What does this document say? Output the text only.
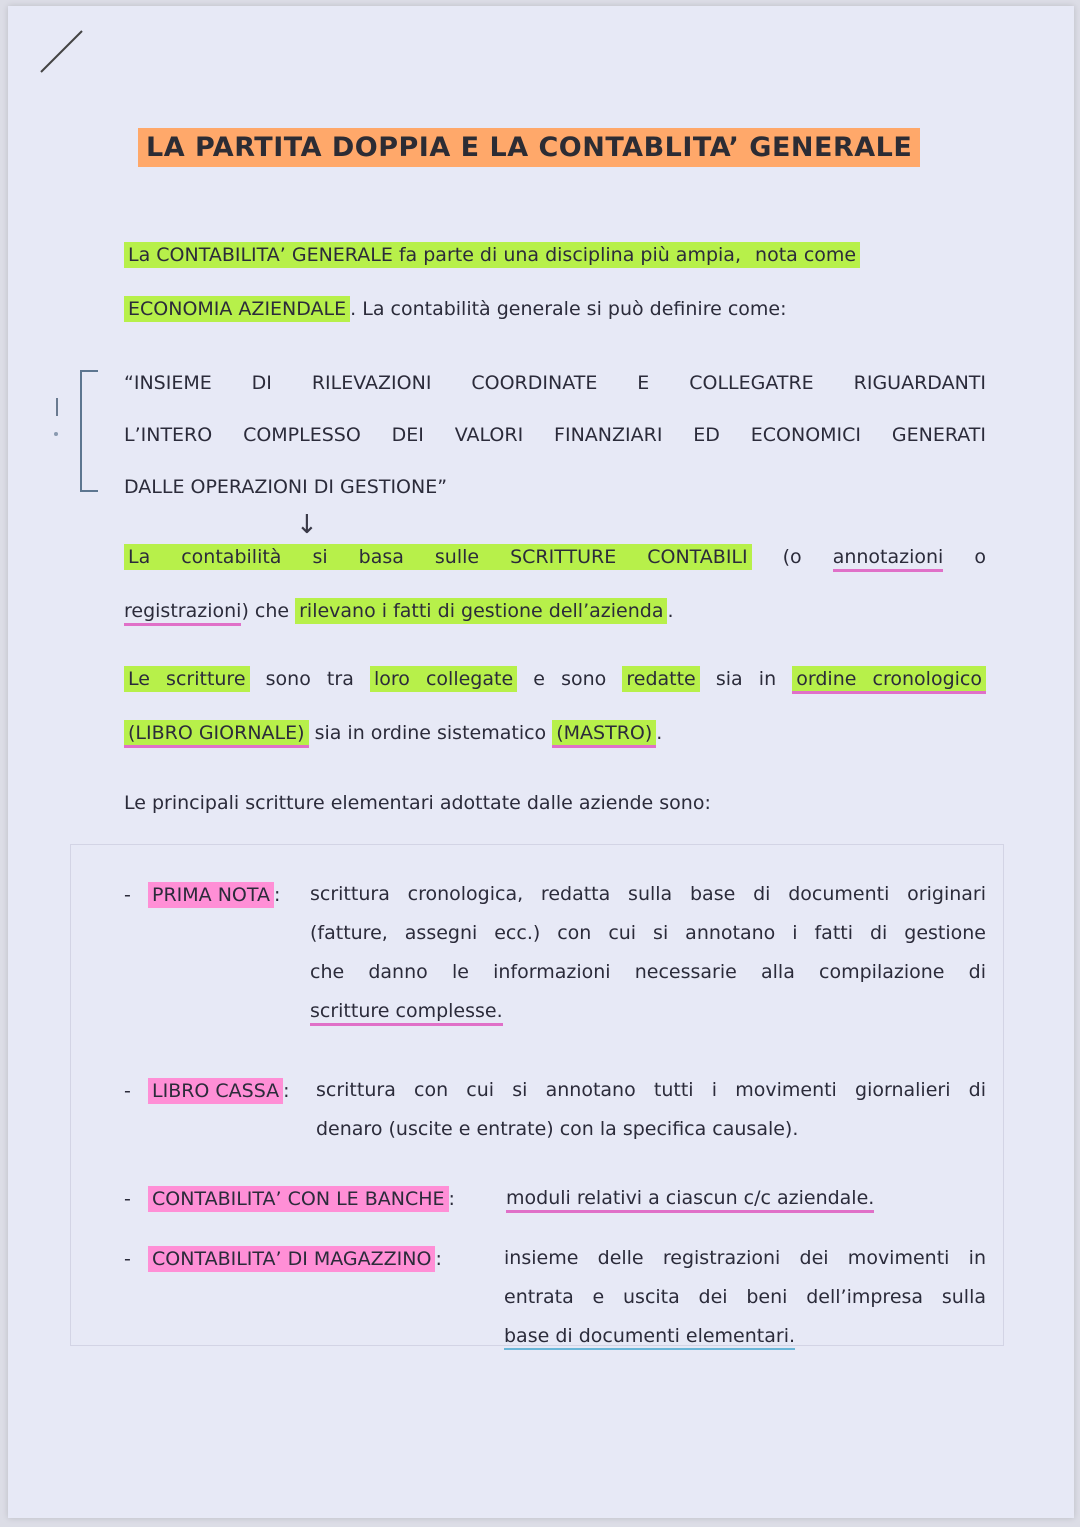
LA PARTITA DOPPIA E LA CONTABLITA’ GENERALE
La CONTABILITA’ GENERALE fa parte di una disciplina più ampia, nota come
ECONOMIA AZIENDALE . La contabilità generale si può definire come:
“INSIEME DI RILEVAZIONI COORDINATE E COLLEGATRE RIGUARDANTI
L’INTERO COMPLESSO DEI VALORI FINANZIARI ED ECONOMICI GENERATI
DALLE OPERAZIONI DI GESTIONE”
↓
La contabilità si basa sulle SCRITTURE CONTABILI (o annotazioni o
registrazioni) che rilevano i fatti di gestione dell’azienda .
Le scritture sono tra loro collegate e sono redatte sia in ordine cronologico
(LIBRO GIORNALE) sia in ordine sistematico (MASTRO) .
Le principali scritture elementari adottate dalle aziende sono:
- PRIMA NOTA : scrittura cronologica, redatta sulla base di documenti originari
(fatture, assegni ecc.) con cui si annotano i fatti di gestione
che danno le informazioni necessarie alla compilazione di
scritture complesse.
- LIBRO CASSA : scrittura con cui si annotano tutti i movimenti giornalieri di
denaro (uscite e entrate) con la specifica causale).
- CONTABILITA’ CON LE BANCHE :	moduli relativi a ciascun c/c aziendale.
- CONTABILITA’ DI MAGAZZINO :	insieme delle registrazioni dei movimenti in
entrata e uscita dei beni dell’impresa sulla
base di documenti elementari.
